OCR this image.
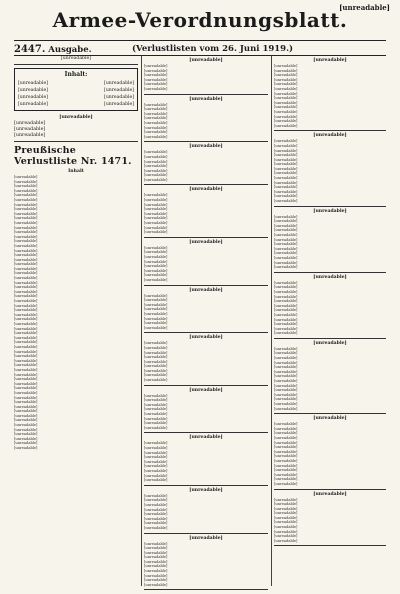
[unreadable]
Armee-Verordnungsblatt.
2447. Ausgabe.	(Verlustlisten vom 26. Juni 1919.)
[unreadable]
Inhalt:
[unreadable]	[unreadable]
[unreadable]	[unreadable]
[unreadable]	[unreadable]
[unreadable]	[unreadable]
[unreadable]
[unreadable]
[unreadable]
[unreadable]
Preußische Verlustliste Nr. 1471.
Inhalt
[unreadable]
[unreadable]
[unreadable]
[unreadable]
[unreadable]
[unreadable]
[unreadable]
[unreadable]
[unreadable]
[unreadable]
[unreadable]
[unreadable]
[unreadable]
[unreadable]
[unreadable]
[unreadable]
[unreadable]
[unreadable]
[unreadable]
[unreadable]
[unreadable]
[unreadable]
[unreadable]
[unreadable]
[unreadable]
[unreadable]
[unreadable]
[unreadable]
[unreadable]
[unreadable]
[unreadable]
[unreadable]
[unreadable]
[unreadable]
[unreadable]
[unreadable]
[unreadable]
[unreadable]
[unreadable]
[unreadable]
[unreadable]
[unreadable]
[unreadable]
[unreadable]
[unreadable]
[unreadable]
[unreadable]
[unreadable]
[unreadable]
[unreadable]
[unreadable]
[unreadable]
[unreadable]
[unreadable]
[unreadable]
[unreadable]
[unreadable]
[unreadable]
[unreadable]
[unreadable]
[unreadable]
[unreadable]
[unreadable]
[unreadable]
[unreadable]
[unreadable]
[unreadable]
[unreadable]
[unreadable]
[unreadable]
[unreadable]
[unreadable]
[unreadable]
[unreadable]
[unreadable]
[unreadable]
[unreadable]
[unreadable]
[unreadable]
[unreadable]
[unreadable]
[unreadable]
[unreadable]
[unreadable]
[unreadable]
[unreadable]
[unreadable]
[unreadable]
[unreadable]
[unreadable]
[unreadable]
[unreadable]
[unreadable]
[unreadable]
[unreadable]
[unreadable]
[unreadable]
[unreadable]
[unreadable]
[unreadable]
[unreadable]
[unreadable]
[unreadable]
[unreadable]
[unreadable]
[unreadable]
[unreadable]
[unreadable]
[unreadable]
[unreadable]
[unreadable]
[unreadable]
[unreadable]
[unreadable]
[unreadable]
[unreadable]
[unreadable]
[unreadable]
[unreadable]
[unreadable]
[unreadable]
[unreadable]
[unreadable]
[unreadable]
[unreadable]
[unreadable]
[unreadable]
[unreadable]
[unreadable]
[unreadable]
[unreadable]
[unreadable]
[unreadable]
[unreadable]
[unreadable]
[unreadable]
[unreadable]
[unreadable]
[unreadable]
[unreadable]
[unreadable]
[unreadable]
[unreadable]
[unreadable]
[unreadable]
[unreadable]
[unreadable]
[unreadable]
[unreadable]
[unreadable]
[unreadable]
[unreadable]
[unreadable]
[unreadable]
[unreadable]
[unreadable]
[unreadable]
[unreadable]
[unreadable]
[unreadable]
[unreadable]
[unreadable]
[unreadable]
[unreadable]
[unreadable]
[unreadable]
[unreadable]
[unreadable]
[unreadable]
[unreadable]
[unreadable]
[unreadable]
[unreadable]
[unreadable]
[unreadable]
[unreadable]
[unreadable]
[unreadable]
[unreadable]
[unreadable]
[unreadable]
[unreadable]
[unreadable]
[unreadable]
[unreadable]
[unreadable]
[unreadable]
[unreadable]
[unreadable]
[unreadable]
[unreadable]
[unreadable]
[unreadable]
[unreadable]
[unreadable]
[unreadable]
[unreadable]
[unreadable]
[unreadable]
[unreadable]
[unreadable]
[unreadable]
[unreadable]
[unreadable]
[unreadable]
[unreadable]
[unreadable]
[unreadable]
[unreadable]
[unreadable]
[unreadable]
[unreadable]
[unreadable]
[unreadable]
[unreadable]
[unreadable]
[unreadable]
[unreadable]
[unreadable]
[unreadable]
[unreadable]
[unreadable]
[unreadable]
[unreadable]
[unreadable]
[unreadable]
[unreadable]
[unreadable]
[unreadable]
[unreadable]
[unreadable]
[unreadable]
[unreadable]
[unreadable]
[unreadable]
[unreadable]
[unreadable]
[unreadable]
[unreadable]
[unreadable]
[unreadable]
[unreadable]
[unreadable]
[unreadable]
[unreadable]
[unreadable]
[unreadable]
[unreadable]
[unreadable]
[unreadable]
[unreadable]
[unreadable]
[unreadable]
[unreadable]
[unreadable]
[unreadable]
[unreadable]
[unreadable]
